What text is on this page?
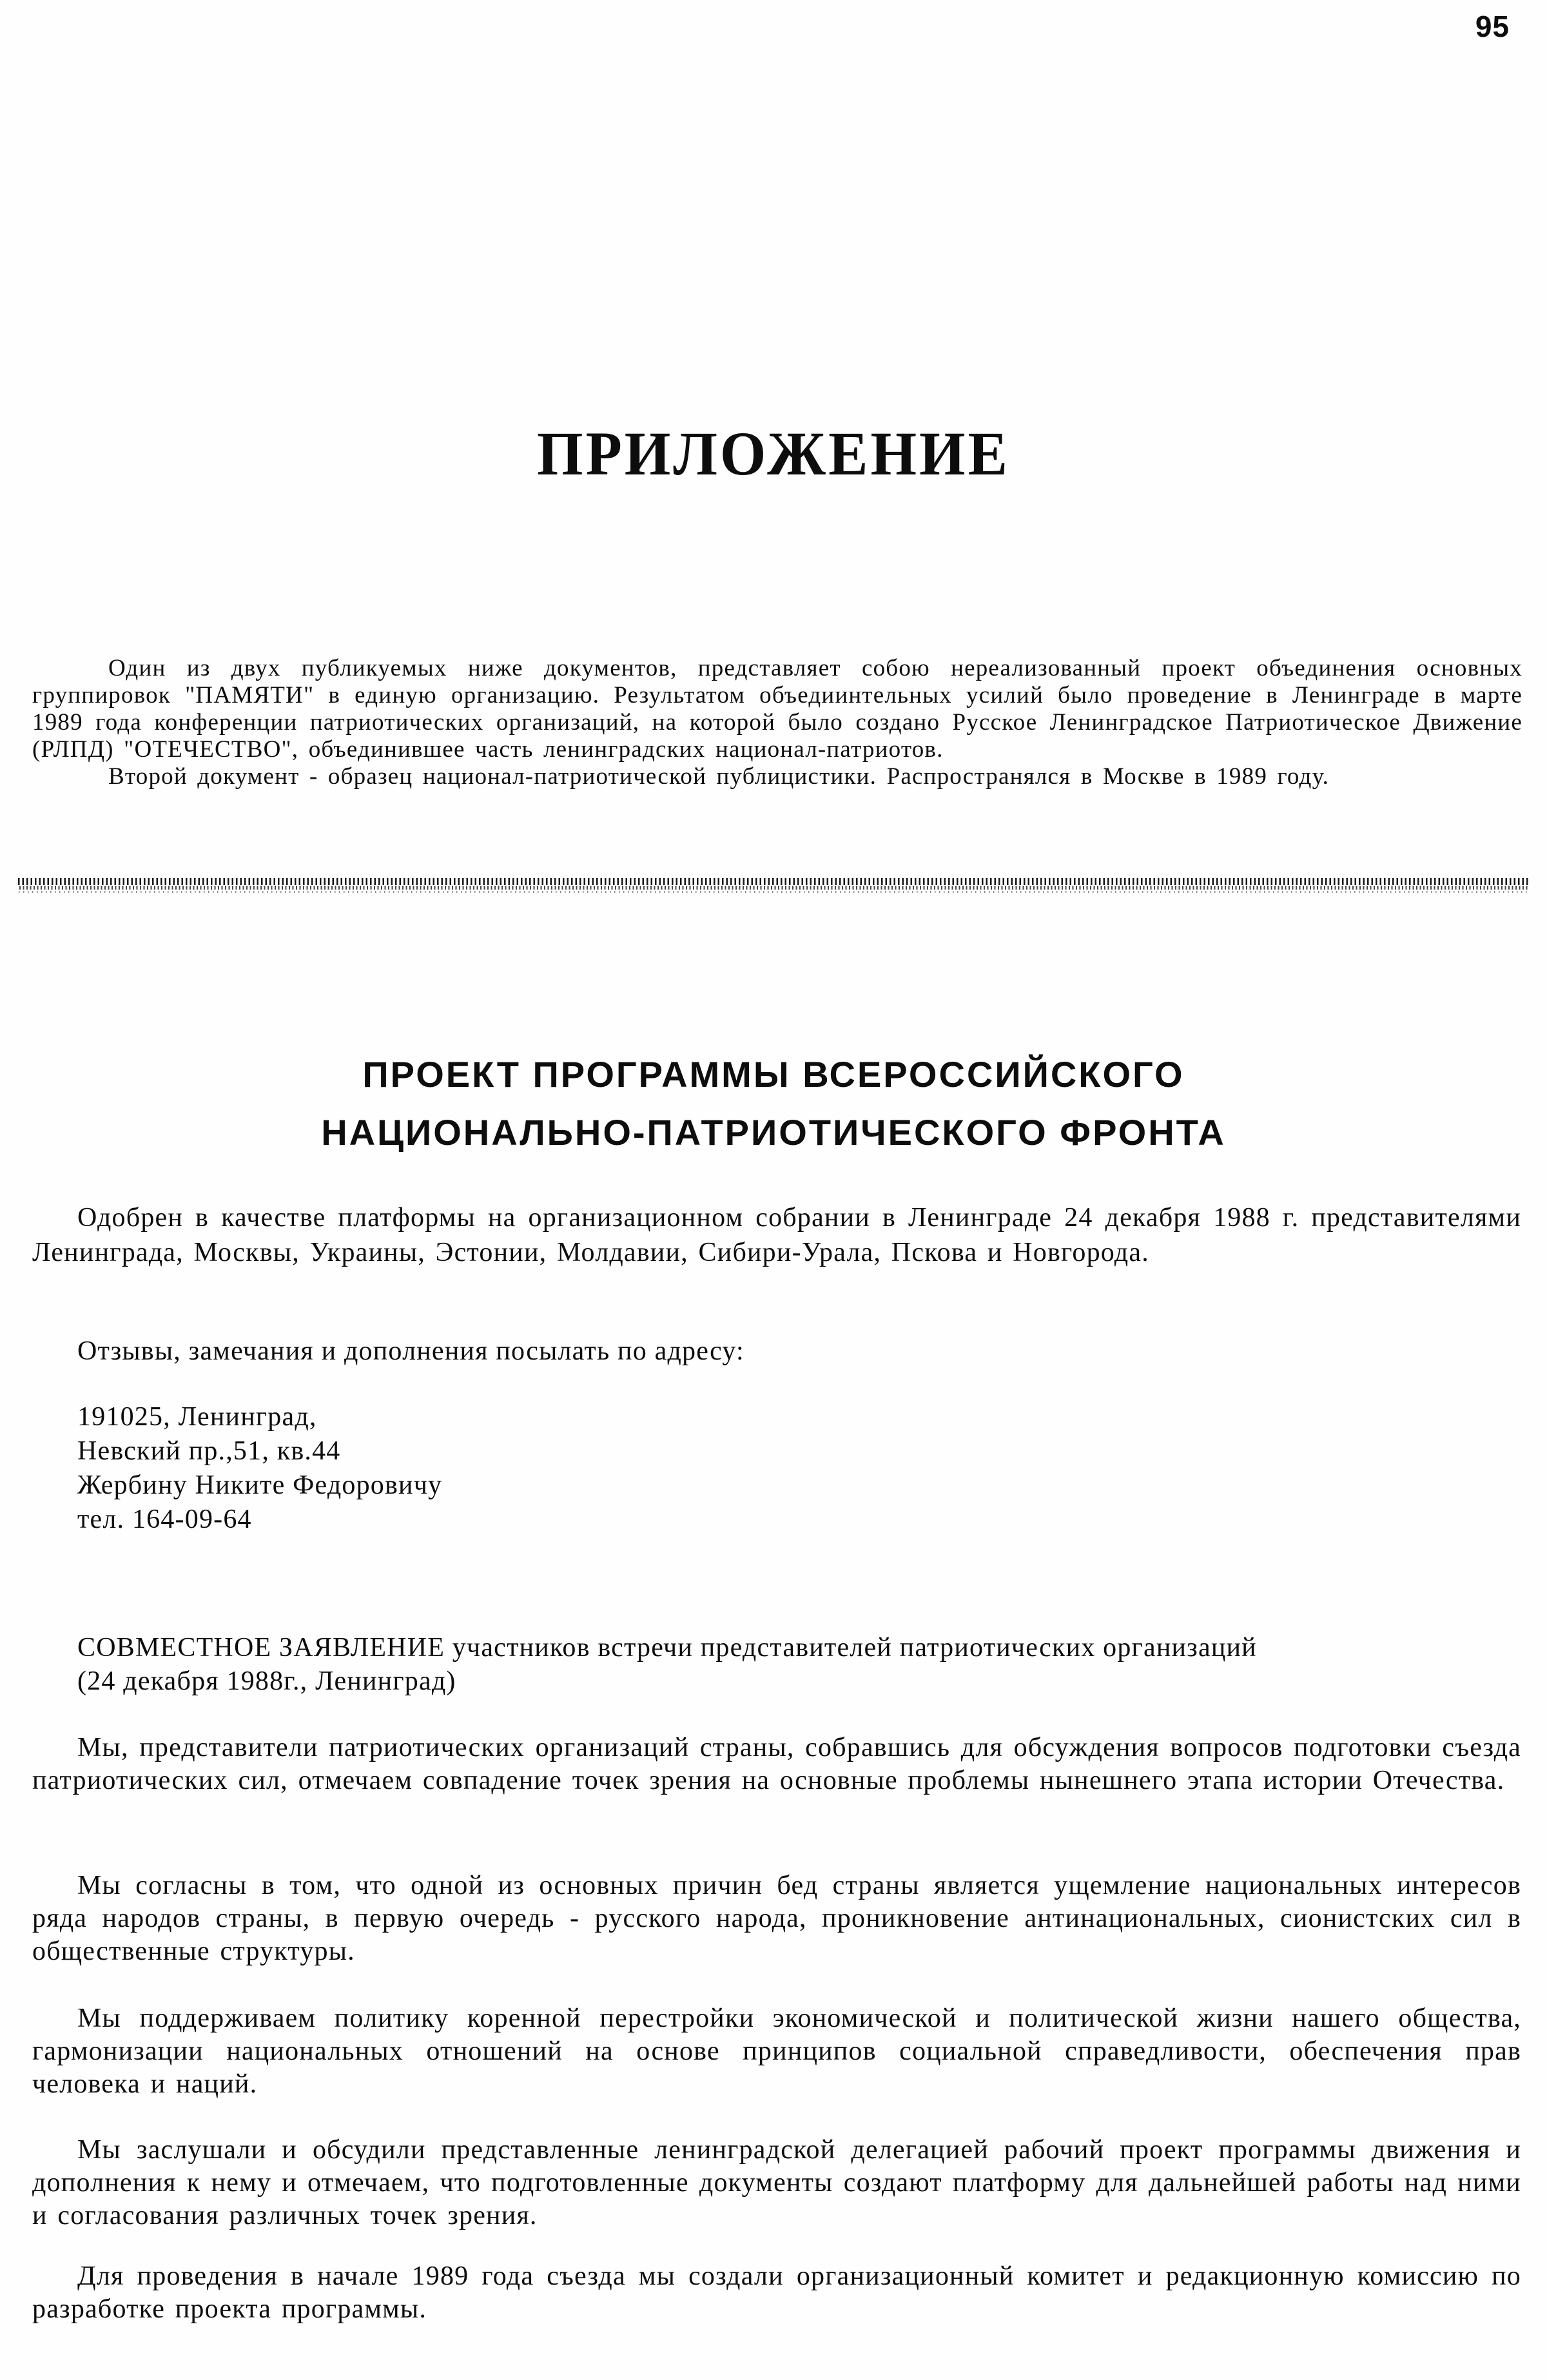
95
ПРИЛОЖЕНИЕ

Один из двух публикуемых ниже документов, представляет собою нереализованный проект объединения основных группировок "ПАМЯТИ" в единую организацию. Результатом объедиинтельных усилий было проведение в Ленинграде в марте 1989 года конференции патриотических организаций, на которой было создано Русское Ленинградское Патриотическое Движение (РЛПД) "ОТЕЧЕСТВО", объединившее часть ленинградских национал-патриотов.

Второй документ - образец национал-патриотической публицистики. Распространялся в Москве в 1989 году.

ПРОЕКТ ПРОГРАММЫ ВСЕРОССИЙСКОГО
НАЦИОНАЛЬНО-ПАТРИОТИЧЕСКОГО ФРОНТА

Одобрен в качестве платформы на организационном собрании в Ленинграде 24 декабря 1988 г. представителями Ленинграда, Москвы, Украины, Эстонии, Молдавии, Сибири-Урала, Пскова и Новгорода.

Отзывы, замечания и дополнения посылать по адресу:

191025, Ленинград,
Невский пр.,51, кв.44
Жербину Никите Федоровичу
тел. 164-09-64
СОВМЕСТНОЕ ЗАЯВЛЕНИЕ участников встречи представителей патриотических организаций
(24 декабря 1988г., Ленинград)

Мы, представители патриотических организаций страны, собравшись для обсуждения вопросов подготовки съезда патриотических сил, отмечаем совпадение точек зрения на основные проблемы нынешнего этапа истории Отечества.

Мы согласны в том, что одной из основных причин бед страны является ущемление национальных интересов ряда народов страны, в первую очередь - русского народа, проникновение антинациональных, сионистских сил в общественные структуры.

Мы поддерживаем политику коренной перестройки экономической и политической жизни нашего общества, гармонизации национальных отношений на основе принципов социальной справедливости, обеспечения прав человека и наций.

Мы заслушали и обсудили представленные ленинградской делегацией рабочий проект программы движения и дополнения к нему и отмечаем, что подготовленные документы создают платформу для дальнейшей работы над ними и согласования различных точек зрения.

Для проведения в начале 1989 года съезда мы создали организационный комитет и редакционную комиссию по разработке проекта программы.
